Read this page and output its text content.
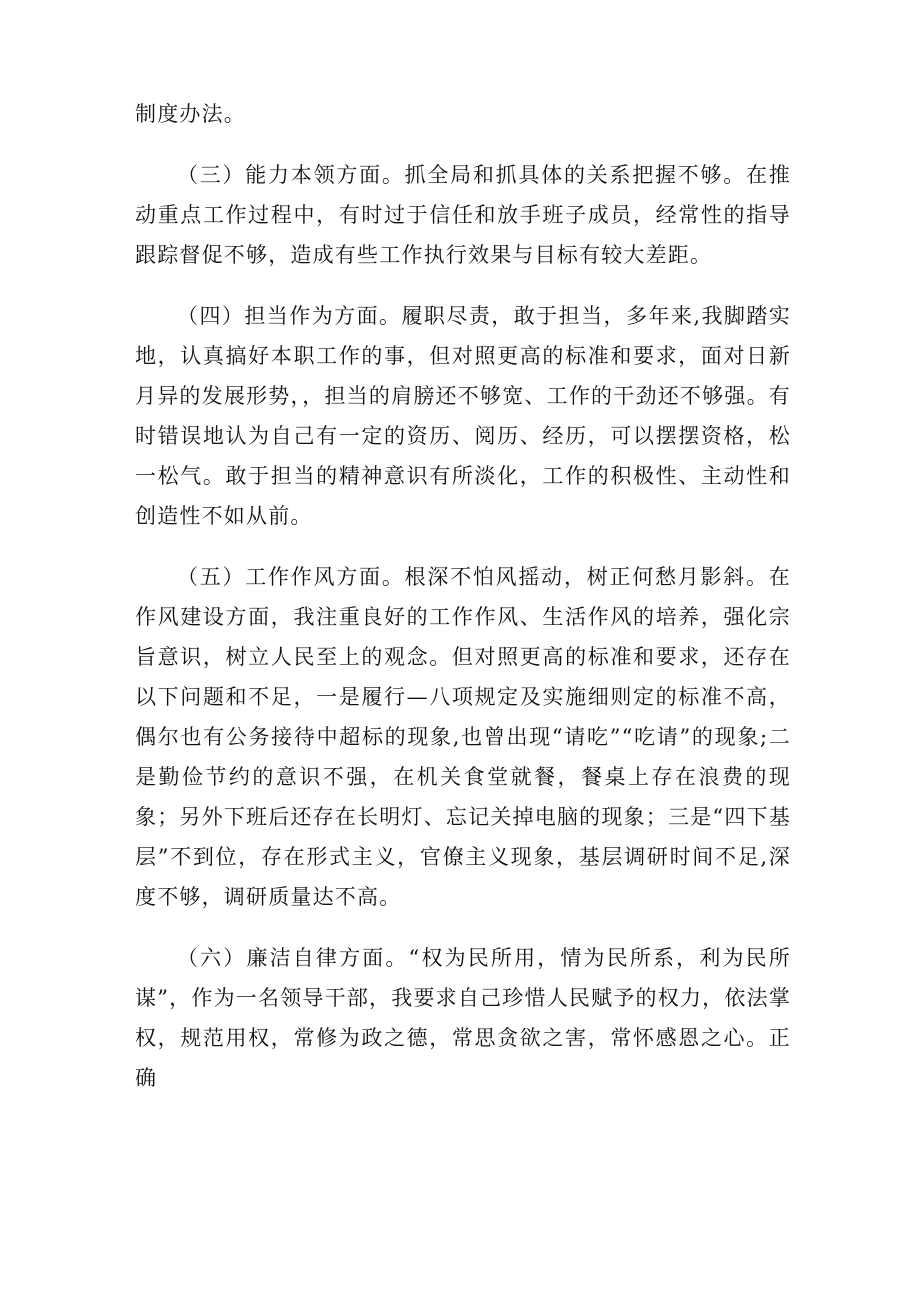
制度办法。

（三）能力本领方面。抓全局和抓具体的关系把握不够。在推动重点工作过程中，有时过于信任和放手班子成员，经常性的指导跟踪督促不够，造成有些工作执行效果与目标有较大差距。

（四）担当作为方面。履职尽责，敢于担当，多年来,我脚踏实地，认真搞好本职工作的事，但对照更高的标准和要求，面对日新月异的发展形势，，担当的肩膀还不够宽、工作的干劲还不够强。有时错误地认为自己有一定的资历、阅历、经历，可以摆摆资格，松一松气。敢于担当的精神意识有所淡化，工作的积极性、主动性和创造性不如从前。

（五）工作作风方面。根深不怕风摇动，树正何愁月影斜。在作风建设方面，我注重良好的工作作风、生活作风的培养，强化宗旨意识，树立人民至上的观念。但对照更高的标准和要求，还存在以下问题和不足，一是履行—八项规定及实施细则定的标准不高，偶尔也有公务接待中超标的现象,也曾出现“请吃”“吃请”的现象;二是勤俭节约的意识不强，在机关食堂就餐，餐桌上存在浪费的现象；另外下班后还存在长明灯、忘记关掉电脑的现象；三是“四下基层”不到位，存在形式主义，官僚主义现象，基层调研时间不足,深度不够，调研质量达不高。

（六）廉洁自律方面。“权为民所用，情为民所系，利为民所谋”，作为一名领导干部，我要求自己珍惜人民赋予的权力，依法掌权，规范用权，常修为政之德，常思贪欲之害，常怀感恩之心。正确
